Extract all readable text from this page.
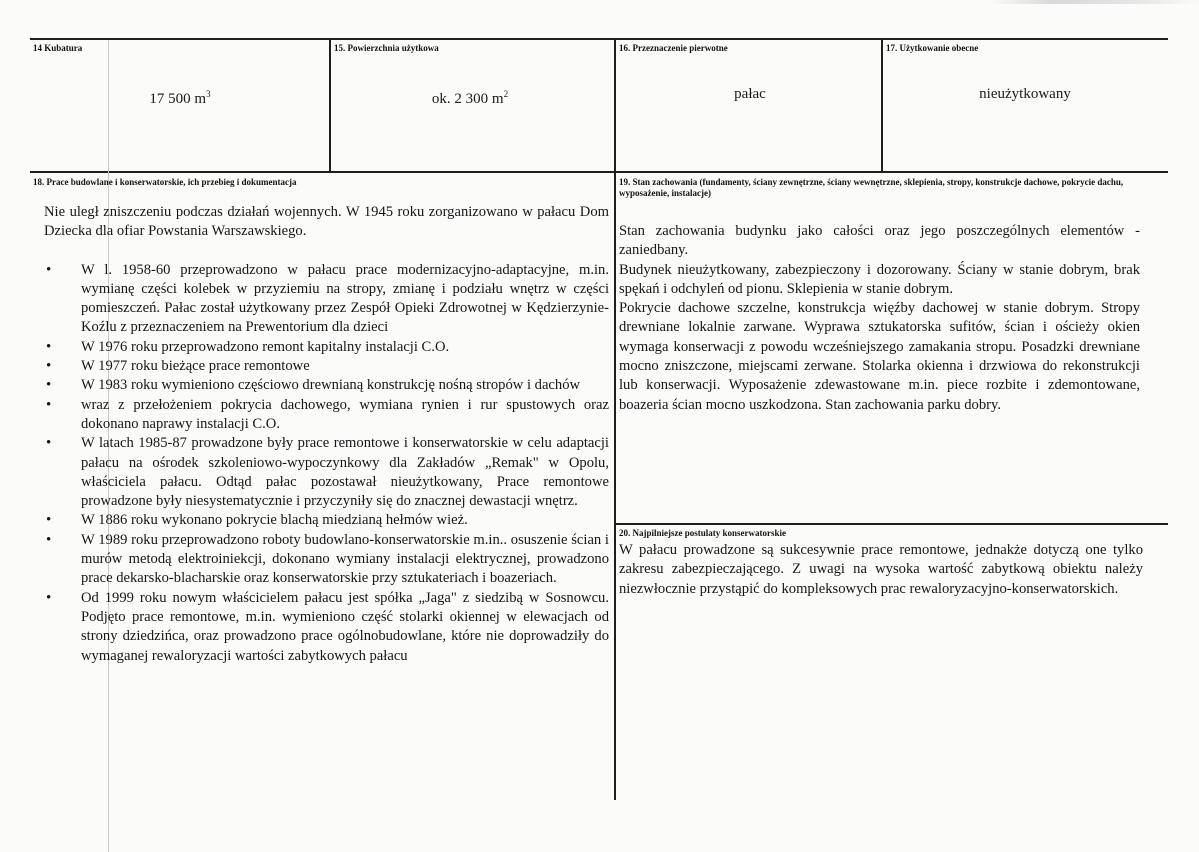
14 Kubatura
17 500 $m^3$
15. Powierzchnia użytkowa
ok. 2 300 $m^2$
16. Przeznaczenie pierwotne
pałac
17. Użytkowanie obecne
nieużytkowany
18. Prace budowlane i konserwatorskie, ich przebieg i dokumentacja

Nie uległ zniszczeniu podczas działań wojennych. W 1945 roku zorganizowano w pałacu Dom Dziecka dla ofiar Powstania Warszawskiego.

• W l. 1958-60 przeprowadzono w pałacu prace modernizacyjno-adaptacyjne, m.in. wymianę części kolebek w przyziemiu na stropy, zmianę i podziału wnętrz w części pomieszczeń. Pałac został użytkowany przez Zespół Opieki Zdrowotnej w Kędzierzynie-Koźlu z przeznaczeniem na Prewentorium dla dzieci
• W 1976 roku przeprowadzono remont kapitalny instalacji C.O.
• W 1977 roku bieżące prace remontowe
• W 1983 roku wymieniono częściowo drewnianą konstrukcję nośną stropów i dachów
• wraz z przełożeniem pokrycia dachowego, wymiana rynien i rur spustowych oraz dokonano naprawy instalacji C.O.
• W latach 1985-87 prowadzone były prace remontowe i konserwatorskie w celu adaptacji pałacu na ośrodek szkoleniowo-wypoczynkowy dla Zakładów „Remak" w Opolu, właściciela pałacu. Odtąd pałac pozostawał nieużytkowany, Prace remontowe prowadzone były niesystematycznie i przyczyniły się do znacznej dewastacji wnętrz.
• W 1886 roku wykonano pokrycie blachą miedzianą hełmów wież.
• W 1989 roku przeprowadzono roboty budowlano-konserwatorskie m.in.. osuszenie ścian i murów metodą elektroiniekcji, dokonano wymiany instalacji elektrycznej, prowadzono prace dekarsko-blacharskie oraz konserwatorskie przy sztukateriach i boazeriach.
• Od 1999 roku nowym właścicielem pałacu jest spółka „Jaga" z siedzibą w Sosnowcu. Podjęto prace remontowe, m.in. wymieniono część stolarki okiennej w elewacjach od strony dziedzińca, oraz prowadzono prace ogólnobudowlane, które nie doprowadziły do wymaganej rewaloryzacji wartości zabytkowych pałacu
19. Stan zachowania (fundamenty, ściany zewnętrzne, ściany wewnętrzne, sklepienia, stropy, konstrukcje dachowe, pokrycie dachu, wyposażenie, instalacje)

Stan zachowania budynku jako całości oraz jego poszczególnych elementów - zaniedbany.

Budynek nieużytkowany, zabezpieczony i dozorowany. Ściany w stanie dobrym, brak spękań i odchyleń od pionu. Sklepienia w stanie dobrym.

Pokrycie dachowe szczelne, konstrukcja więźby dachowej w stanie dobrym. Stropy drewniane lokalnie zarwane. Wyprawa sztukatorska sufitów, ścian i ościeży okien wymaga konserwacji z powodu wcześniejszego zamakania stropu. Posadzki drewniane mocno zniszczone, miejscami zerwane. Stolarka okienna i drzwiowa do rekonstrukcji lub konserwacji. Wyposażenie zdewastowane m.in. piece rozbite i zdemontowane, boazeria ścian mocno uszkodzona. Stan zachowania parku dobry.

20. Najpilniejsze postulaty konserwatorskie

W pałacu prowadzone są sukcesywnie prace remontowe, jednakże dotyczą one tylko zakresu zabezpieczającego. Z uwagi na wysoka wartość zabytkową obiektu należy niezwłocznie przystąpić do kompleksowych prac rewaloryzacyjno-konserwatorskich.
